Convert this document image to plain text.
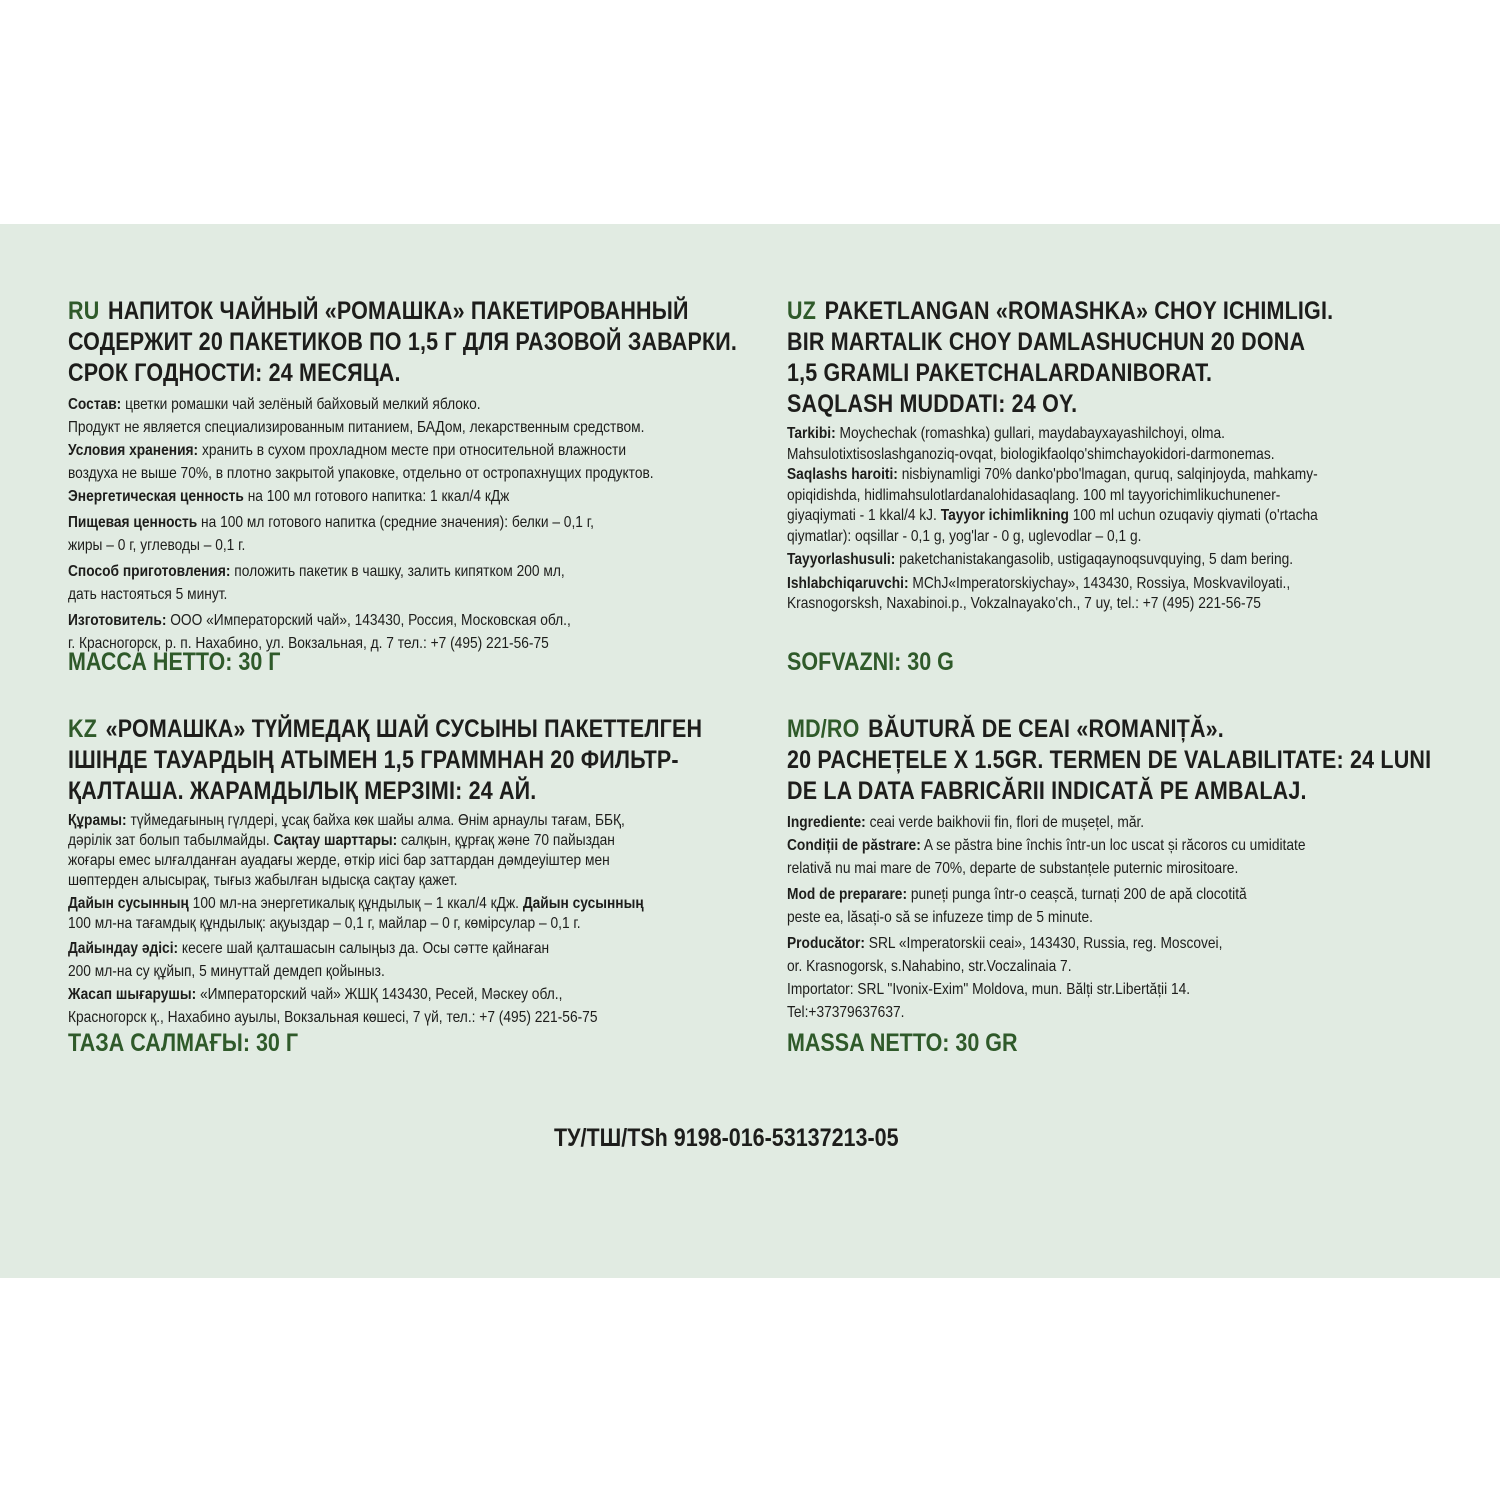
RU НАПИТОК ЧАЙНЫЙ «РОМАШКА» ПАКЕТИРОВАННЫЙ
СОДЕРЖИТ 20 ПАКЕТИКОВ ПО 1,5 Г ДЛЯ РАЗОВОЙ ЗАВАРКИ.
СРОК ГОДНОСТИ: 24 МЕСЯЦА.

Состав: цветки ромашки чай зелёный байховый мелкий яблоко.

Продукт не является специализированным питанием, БАДом, лекарственным средством.

Условия хранения: хранить в сухом прохладном месте при относительной влажности

воздуха не выше 70%, в плотно закрытой упаковке, отдельно от остропахнущих продуктов.

Энергетическая ценность на 100 мл готового напитка: 1 ккал/4 кДж

Пищевая ценность на 100 мл готового напитка (средние значения): белки – 0,1 г,

жиры – 0 г, углеводы – 0,1 г.

Способ приготовления: положить пакетик в чашку, залить кипятком 200 мл,

дать настояться 5 минут.

Изготовитель: ООО «Императорский чай», 143430, Россия, Московская обл.,

г. Красногорск, р. п. Нахабино, ул. Вокзальная, д. 7 тел.: +7 (495) 221-56-75

МАССА НЕТТО: 30 Г
UZ PAKETLANGAN «ROMASHKA» CHOY ICHIMLIGI.
BIR MARTALIK CHOY DAMLASHUCHUN 20 DONA
1,5 GRAMLI PAKETCHALARDANIBORAT.
SAQLASH MUDDATI: 24 OY.

Tarkibi: Moychechak (romashka) gullari, maydabayxayashilchoyi, olma.

Mahsulotixtisoslashganoziq-ovqat, biologikfaolqo'shimchayokidori-darmonemas.

Saqlashs haroiti: nisbiynamligi 70% danko'pbo'lmagan, quruq, salqinjoyda, mahkamy-

opiqidishda, hidlimahsulotlardanalohidasaqlang. 100 ml tayyorichimlikuchunener-

giyaqiymati - 1 kkal/4 kJ. Tayyor ichimlikning 100 ml uchun ozuqaviy qiymati (o'rtacha

qiymatlar): oqsillar - 0,1 g, yog'lar - 0 g, uglevodlar – 0,1 g.

Tayyorlashusuli: paketchanistakangasolib, ustigaqaynoqsuvquying, 5 dam bering.

Ishlabchiqaruvchi: MChJ«Imperatorskiychay», 143430, Rossiya, Moskvaviloyati.,

Krasnogorsksh, Naxabinoi.p., Vokzalnayako'ch., 7 uy, tel.: +7 (495) 221-56-75

SOFVAZNI: 30 G
KZ «РОМАШКА» ТҮЙМЕДАҚ ШАЙ СУСЫНЫ ПАКЕТТЕЛГЕН
ІШІНДЕ ТАУАРДЫҢ АТЫМЕН 1,5 ГРАММНАН 20 ФИЛЬТР-
ҚАЛТАША. ЖАРАМДЫЛЫҚ МЕРЗІМІ: 24 АЙ.

Құрамы: түймедағының гүлдері, ұсақ байха көк шайы алма. Өнім арнаулы тағам, ББҚ,

дәрілік зат болып табылмайды. Сақтау шарттары: салқын, құрғақ және 70 пайыздан

жоғары емес ылғалданған ауадағы жерде, өткір иісі бар заттардан дәмдеуіштер мен

шөптерден алысырақ, тығыз жабылған ыдысқа сақтау қажет.

Дайын сусынның 100 мл-на энергетикалық құндылық – 1 ккал/4 кДж. Дайын сусынның

100 мл-на тағамдық құндылық: ақуыздар – 0,1 г, майлар – 0 г, көмірсулар – 0,1 г.

Дайындау әдісі: кесеге шай қалташасын салыңыз да. Осы сәтте қайнаған

200 мл-на су құйып, 5 минуттай демдеп қойыныз.

Жасап шығарушы: «Императорский чай» ЖШҚ 143430, Ресей, Мәскеу обл.,

Красногорск қ., Нахабино ауылы, Вокзальная көшесі, 7 үй, тел.: +7 (495) 221-56-75

ТАЗА САЛМАҒЫ: 30 Г
MD/RO BĂUTURĂ DE CEAI «ROMANIȚĂ».
20 PACHEȚELE X 1.5GR. TERMEN DE VALABILITATE: 24 LUNI
DE LA DATA FABRICĂRII INDICATĂ PE AMBALAJ.

Ingrediente: ceai verde baikhovii fin, flori de mușețel, măr.

Condiții de păstrare: A se păstra bine închis într-un loc uscat și răcoros cu umiditate

relativă nu mai mare de 70%, departe de substanțele puternic mirositoare.

Mod de preparare: puneți punga într-o ceașcă, turnați 200 de apă clocotită

peste ea, lăsați-o să se infuzeze timp de 5 minute.

Producător: SRL «Imperatorskii ceai», 143430, Russia, reg. Moscovei,

or. Krasnogorsk, s.Nahabino, str.Voczalinaia 7.

Importator: SRL "Ivonix-Exim" Moldova, mun. Bălți str.Libertății 14.

Tel:+37379637637.

MASSA NETTO: 30 GR
ТУ/ТШ/TSh 9198-016-53137213-05
